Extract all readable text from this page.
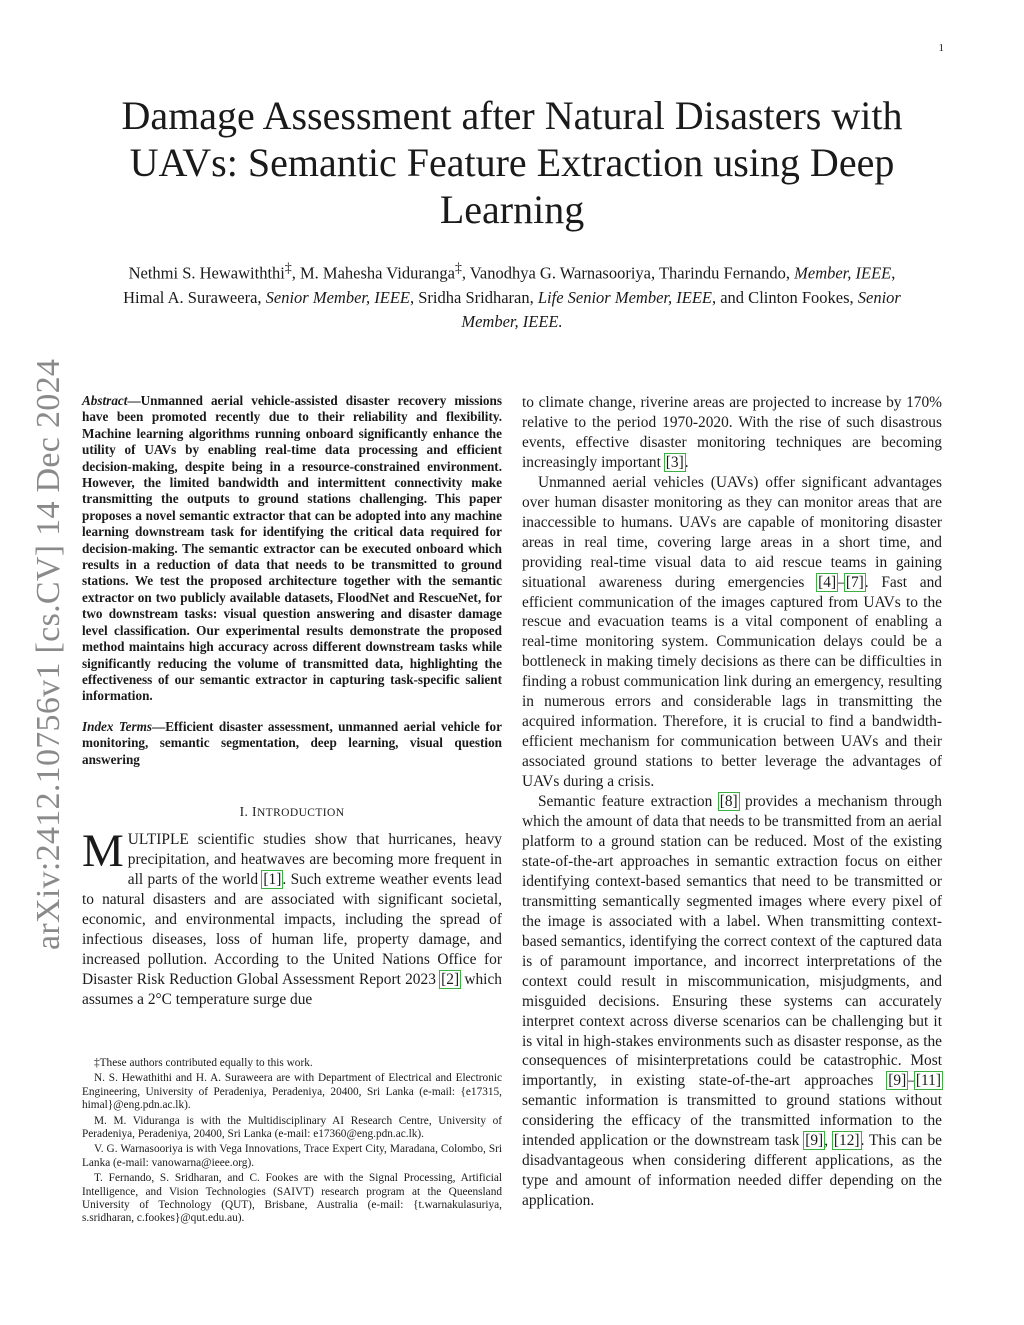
1
arXiv:2412.10756v1 [cs.CV] 14 Dec 2024
Damage Assessment after Natural Disasters with UAVs: Semantic Feature Extraction using Deep Learning
Nethmi S. Hewawiththi‡, M. Mahesha Viduranga‡, Vanodhya G. Warnasooriya, Tharindu Fernando, Member, IEEE, Himal A. Suraweera, Senior Member, IEEE, Sridha Sridharan, Life Senior Member, IEEE, and Clinton Fookes, Senior Member, IEEE.

Abstract—Unmanned aerial vehicle-assisted disaster recovery missions have been promoted recently due to their reliability and flexibility. Machine learning algorithms running onboard significantly enhance the utility of UAVs by enabling real-time data processing and efficient decision-making, despite being in a resource-constrained environment. However, the limited bandwidth and intermittent connectivity make transmitting the outputs to ground stations challenging. This paper proposes a novel semantic extractor that can be adopted into any machine learning downstream task for identifying the critical data required for decision-making. The semantic extractor can be executed onboard which results in a reduction of data that needs to be transmitted to ground stations. We test the proposed architecture together with the semantic extractor on two publicly available datasets, FloodNet and RescueNet, for two downstream tasks: visual question answering and disaster damage level classification. Our experimental results demonstrate the proposed method maintains high accuracy across different downstream tasks while significantly reducing the volume of transmitted data, highlighting the effectiveness of our semantic extractor in capturing task-specific salient information.

Index Terms—Efficient disaster assessment, unmanned aerial vehicle for monitoring, semantic segmentation, deep learning, visual question answering

I. INTRODUCTION

MULTIPLE scientific studies show that hurricanes, heavy precipitation, and heatwaves are becoming more frequent in all parts of the world [1]. Such extreme weather events lead to natural disasters and are associated with significant societal, economic, and environmental impacts, including the spread of infectious diseases, loss of human life, property damage, and increased pollution. According to the United Nations Office for Disaster Risk Reduction Global Assessment Report 2023 [2] which assumes a 2°C temperature surge due

‡These authors contributed equally to this work.

N. S. Hewathithi and H. A. Suraweera are with Department of Electrical and Electronic Engineering, University of Peradeniya, Peradeniya, 20400, Sri Lanka (e-mail: {e17315, himal}@eng.pdn.ac.lk).

M. M. Viduranga is with the Multidisciplinary AI Research Centre, University of Peradeniya, Peradeniya, 20400, Sri Lanka (e-mail: e17360@eng.pdn.ac.lk).

V. G. Warnasooriya is with Vega Innovations, Trace Expert City, Maradana, Colombo, Sri Lanka (e-mail: vanowarna@ieee.org).

T. Fernando, S. Sridharan, and C. Fookes are with the Signal Processing, Artificial Intelligence, and Vision Technologies (SAIVT) research program at the Queensland University of Technology (QUT), Brisbane, Australia (e-mail: {t.warnakulasuriya, s.sridharan, c.fookes}@qut.edu.au).

to climate change, riverine areas are projected to increase by 170% relative to the period 1970-2020. With the rise of such disastrous events, effective disaster monitoring techniques are becoming increasingly important [3].

Unmanned aerial vehicles (UAVs) offer significant advantages over human disaster monitoring as they can monitor areas that are inaccessible to humans. UAVs are capable of monitoring disaster areas in real time, covering large areas in a short time, and providing real-time visual data to aid rescue teams in gaining situational awareness during emergencies [4]–[7]. Fast and efficient communication of the images captured from UAVs to the rescue and evacuation teams is a vital component of enabling a real-time monitoring system. Communication delays could be a bottleneck in making timely decisions as there can be difficulties in finding a robust communication link during an emergency, resulting in numerous errors and considerable lags in transmitting the acquired information. Therefore, it is crucial to find a bandwidth-efficient mechanism for communication between UAVs and their associated ground stations to better leverage the advantages of UAVs during a crisis.

Semantic feature extraction [8] provides a mechanism through which the amount of data that needs to be transmitted from an aerial platform to a ground station can be reduced. Most of the existing state-of-the-art approaches in semantic extraction focus on either identifying context-based semantics that need to be transmitted or transmitting semantically segmented images where every pixel of the image is associated with a label. When transmitting context-based semantics, identifying the correct context of the captured data is of paramount importance, and incorrect interpretations of the context could result in miscommunication, misjudgments, and misguided decisions. Ensuring these systems can accurately interpret context across diverse scenarios can be challenging but it is vital in high-stakes environments such as disaster response, as the consequences of misinterpretations could be catastrophic. Most importantly, in existing state-of-the-art approaches [9]–[11] semantic information is transmitted to ground stations without considering the efficacy of the transmitted information to the intended application or the downstream task [9], [12]. This can be disadvantageous when considering different applications, as the type and amount of information needed differ depending on the application.
